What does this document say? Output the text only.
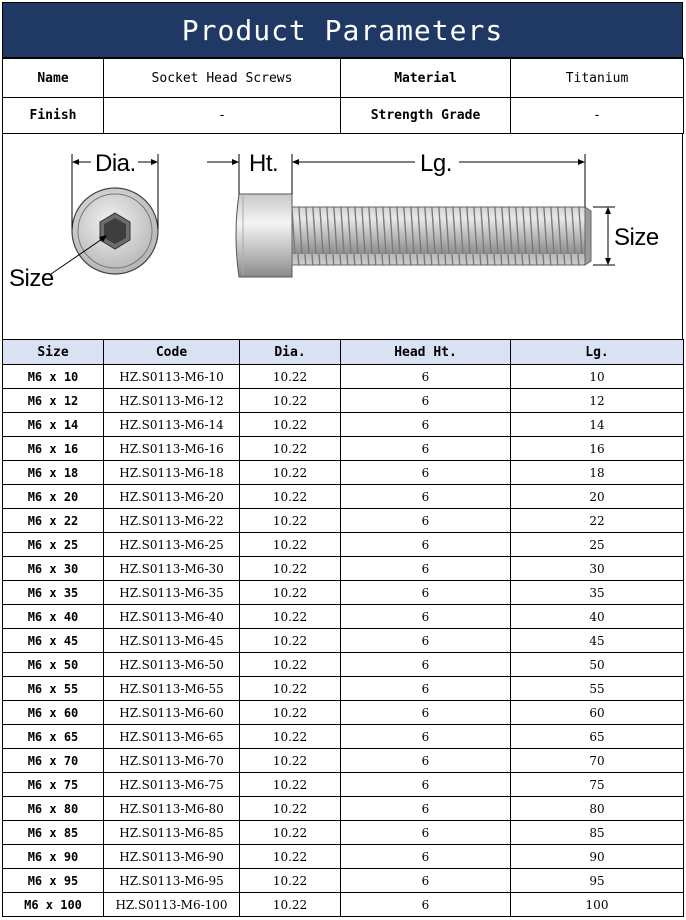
Product Parameters
Name	Socket Head Screws	Material	Titanium
Finish	-	Strength Grade	-
Dia.
Size
Ht.	Lg.
Size
Size	Code	Dia.	Head Ht.	Lg.
M6 x 10	HZ.S0113-M6-10	10.22	6	10
M6 x 12	HZ.S0113-M6-12	10.22	6	12
M6 x 14	HZ.S0113-M6-14	10.22	6	14
M6 x 16	HZ.S0113-M6-16	10.22	6	16
M6 x 18	HZ.S0113-M6-18	10.22	6	18
M6 x 20	HZ.S0113-M6-20	10.22	6	20
M6 x 22	HZ.S0113-M6-22	10.22	6	22
M6 x 25	HZ.S0113-M6-25	10.22	6	25
M6 x 30	HZ.S0113-M6-30	10.22	6	30
M6 x 35	HZ.S0113-M6-35	10.22	6	35
M6 x 40	HZ.S0113-M6-40	10.22	6	40
M6 x 45	HZ.S0113-M6-45	10.22	6	45
M6 x 50	HZ.S0113-M6-50	10.22	6	50
M6 x 55	HZ.S0113-M6-55	10.22	6	55
M6 x 60	HZ.S0113-M6-60	10.22	6	60
M6 x 65	HZ.S0113-M6-65	10.22	6	65
M6 x 70	HZ.S0113-M6-70	10.22	6	70
M6 x 75	HZ.S0113-M6-75	10.22	6	75
M6 x 80	HZ.S0113-M6-80	10.22	6	80
M6 x 85	HZ.S0113-M6-85	10.22	6	85
M6 x 90	HZ.S0113-M6-90	10.22	6	90
M6 x 95	HZ.S0113-M6-95	10.22	6	95
M6 x 100	HZ.S0113-M6-100	10.22	6	100
